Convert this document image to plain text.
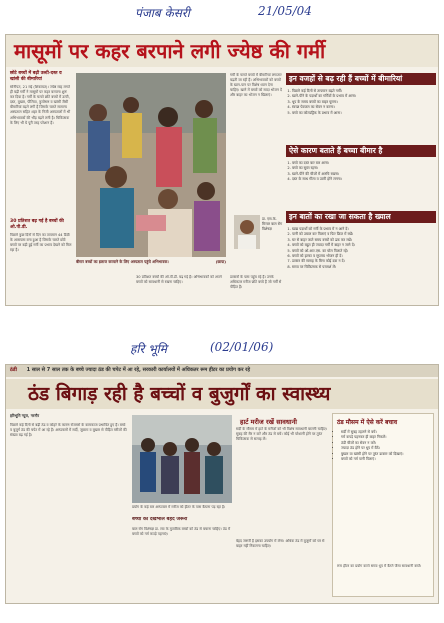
पंजाब केसरी	21/05/04
मासूमों पर कहर बरपाने लगी ज्येष्ठ की गर्मी
छोटे बच्चों में बढ़ी उल्टी-दस्त व खांसी की बीमारियां

सोनीपत, 21 मई (शिकायत)। ज्येष्ठ माह लगते ही बढ़ी गर्मी ने मासूमों पर कहर बरपाना शुरू कर दिया है। गर्मी के चलते छोटे बच्चों में उल्टी, दस्त, बुखार, पीलिया, कुपोषण व खांसी जैसी बीमारियां बढ़ने लगी हैं जिसके चलते सामान्य अस्पताल सहित शहर के निजी अस्पतालों में भी अभिभावकों की भीड़ बढ़ने लगी है। चिकित्सक के लिए भी ये पूरी तरह परेशान हैं।

30 प्रतिशत बढ़ गई है बच्चों की ओ.पी.डी.

पिछले कुछ दिनों से दिन का तापमान 44 डिग्री के आसपास बना हुआ है जिसके चलते छोटे बच्चों पर बढ़ी हुई गर्मी का प्रभाव देखने को मिल रहा है।

बीमार बच्चों का इलाज करवाने के लिए अस्पताल पहुंचे अभिभावक।	(छाया)

गर्मी के चलते बच्चों में बीमारियां लगातार बढ़ती जा रही हैं। अभिभावकों को बच्चों के खान-पान पर विशेष ध्यान देना चाहिए। खाने में बच्चों को सादा भोजन दें और बाहर का भोजन न खिलाएं।

डा. एस.के. मित्तल बाल रोग विशेषज्ञ

30 प्रतिशत बच्चों की ओ.पी.डी. बढ़ गई है। अभिभावकों को अपने बच्चों को सावधानी से रखना चाहिए।

डाक्टरों के पास पहुंच रहे हैं। उनके अधिकतर मरीज छोटे बच्चे हैं जो गर्मी से पीड़ित हैं।

इन वजहों से बढ़ रही हैं बच्चों में बीमारियां
1. पिछले कई दिनों से तापमान बढ़ते गर्मी।
2. खाने-पीने के पदार्थों का गर्मियों के प्रभाव में आना।
3. धूप के समय बच्चों का बाहर घूमना।
4. स्वच्छ पेयजल का सेवन न करना।
5. बच्चे का कोल्डड्रिंक के प्रभाव में आना।
ऐसे कारण बताते हैं बच्चा बीमार है
1. बच्चे का दस्त बार बार आना।
2. बच्चे का सुस्त रहना।
3. खाने-पीने की चीजों में अरुचि रखना।
4. दस्त के साथ गीला व उल्टी होने लगना।
इन बातों का रखा जा सकता है ख्याल
1. खाद्य पदार्थों को गर्मी के प्रभाव में न आने दें।
2. पानी को उबाल कर पिलाएं व फिर फ्रिज में रखें।
3. घर से बाहर जाते समय बच्चों को ढक कर रखें।
4. बच्चों को बहुत ही ज्यादा गर्मी में बाहर न जाने दें।
5. बच्चों को ओ.आर.एस. का घोल पिलाते रहें।
6. बच्चों को हल्का व सुपाच्य भोजन ही दें।
7. डाक्टर की सलाह के बिना कोई दवा न दें।
8. समय पर चिकित्सक से परामर्श लें।
हरि भूमि	(02/01/06)
ठंडी 1 साल से 7 साल तक के बच्चे ज्यादा ठंड की चपेट में आ रहे, सरकारी कार्यालयों में अधिकतर रूम हीटर का प्रयोग कर रहे
ठंड बिगाड़ रही है बच्चों व बुजुर्गों का स्वास्थ्य
हरिभूमि न्यूज, नरनौर

पिछले कई दिनों से बढ़ी ठंड व कोहरे के कारण रोजमर्रा के कामकाज प्रभावित हुए हैं। बच्चे व बुजुर्ग ठंड की चपेट में आ रहे हैं। अस्पतालों में सर्दी, जुकाम व बुखार से पीड़ित मरीजों की संख्या बढ़ गई है।

प्रयोग के कई बार अस्पताल में मरीज को हीटर के पास बैठाना पड़ रहा है।

बच्चों की देखभाल बेहद जरूरी

बाल रोग विशेषज्ञ डा. राव के मुताबिक बच्चों को ठंड से बचाना चाहिए। ठंड में बच्चों को गर्म कपड़े पहनाएं।

हार्ट मरीज रखें सावधानी

सर्दी के मौसम में हार्ट के मरीजों को भी विशेष सावधानी बरतनी चाहिए। सुबह की सैर न करें और ठंड से बचें। कोई भी परेशानी होने पर तुरंत चिकित्सक से सलाह लें।

बेहद जरूरी है इसका उपयोग में लेना। अधिक ठंड में बुजुर्गों को घर से बाहर नहीं निकलना चाहिए।

ठंड मौसम में ऐसे करें बचाव
• सर्दी में सुबह टहलने से बचें।
• गर्म कपड़े पहनकर ही बाहर निकलें।
• ठंडी चीजों का सेवन न करें।
• ज्यादा ठंड होने पर धूप में बैठें।
• बुखार या खांसी होने पर तुरंत डाक्टर को दिखाएं।
• बच्चों को गर्म पानी पिलाएं।

रूम हीटर का प्रयोग करते समय धूप में बैठने जैसा सावधानी बरतें।
